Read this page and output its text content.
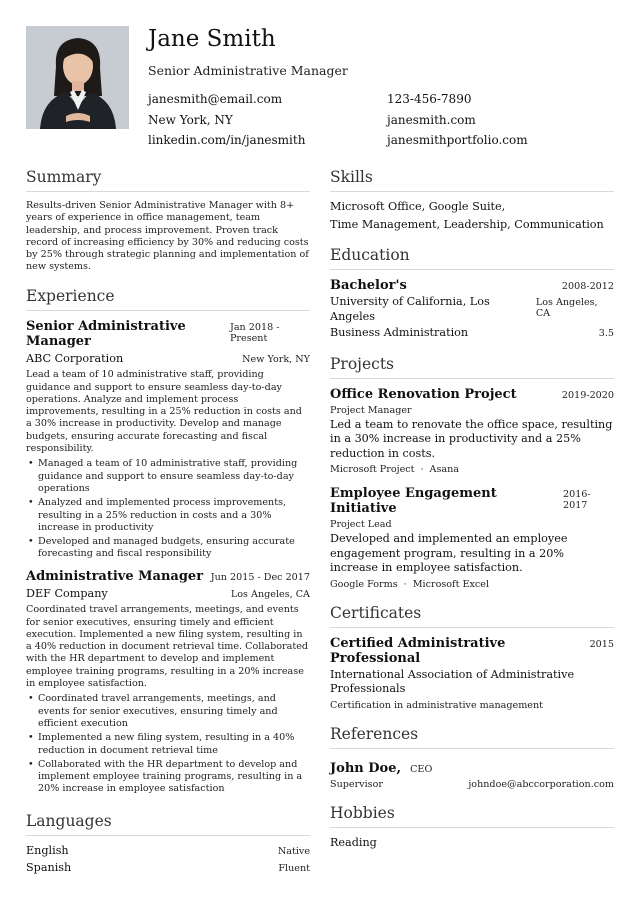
Jane Smith
Senior Administrative Manager
janesmith@email.com	123-456-7890
New York, NY	janesmith.com
linkedin.com/in/janesmith	janesmithportfolio.com
Summary
Results-driven Senior Administrative Manager with 8+ years of experience in office management, team leadership, and process improvement. Proven track record of increasing efficiency by 30% and reducing costs by 25% through strategic planning and implementation of new systems.
Experience
Senior Administrative Manager
Jan 2018 - Present
ABC Corporation	New York, NY
Lead a team of 10 administrative staff, providing guidance and support to ensure seamless day-to-day operations. Analyze and implement process improvements, resulting in a 25% reduction in costs and a 30% increase in productivity. Develop and manage budgets, ensuring accurate forecasting and fiscal responsibility.
• Managed a team of 10 administrative staff, providing guidance and support to ensure seamless day-to-day operations
• Analyzed and implemented process improvements, resulting in a 25% reduction in costs and a 30% increase in productivity
• Developed and managed budgets, ensuring accurate forecasting and fiscal responsibility
Administrative Manager Jun 2015 - Dec 2017
DEF Company	Los Angeles, CA
Coordinated travel arrangements, meetings, and events for senior executives, ensuring timely and efficient execution. Implemented a new filing system, resulting in a 40% reduction in document retrieval time. Collaborated with the HR department to develop and implement employee training programs, resulting in a 20% increase in employee satisfaction.
• Coordinated travel arrangements, meetings, and events for senior executives, ensuring timely and efficient execution
• Implemented a new filing system, resulting in a 40% reduction in document retrieval time
• Collaborated with the HR department to develop and implement employee training programs, resulting in a 20% increase in employee satisfaction
Languages
English	Native
Spanish	Fluent
Skills
Microsoft Office, Google Suite,
Time Management, Leadership, Communication
Education
Bachelor's	2008-2012
University of California, Los Angeles
Los Angeles, CA
Business Administration	3.5
Projects
Office Renovation Project	2019-2020
Project Manager
Led a team to renovate the office space, resulting in a 30% increase in productivity and a 25% reduction in costs.
Microsoft Project · Asana
Employee Engagement Initiative
2016-2017
Project Lead
Developed and implemented an employee engagement program, resulting in a 20% increase in employee satisfaction.
Google Forms · Microsoft Excel
Certificates
Certified Administrative Professional
2015
International Association of Administrative Professionals
Certification in administrative management
References
John Doe, CEO
Supervisor	johndoe@abccorporation.com
Hobbies
Reading
